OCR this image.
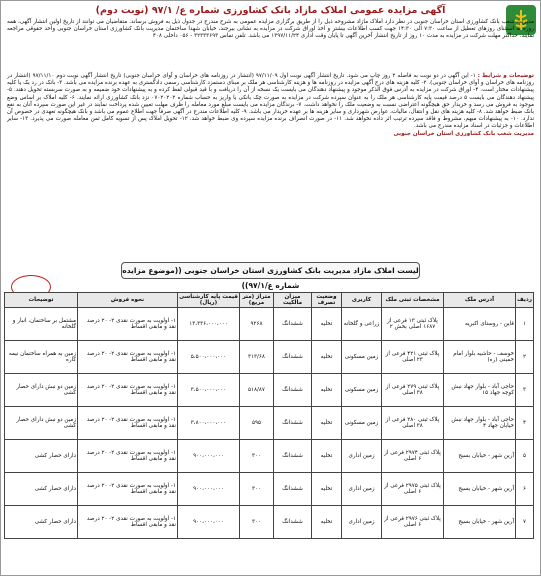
آگهی مزایده عمومی املاک مازاد بانک کشاورزی شماره ع/ ۹۷/۱ (نوبت دوم)
مدیریت شعب بانک کشاورزی استان خراسان جنوبی در نظر دارد املاک مازاد مشروحه ذیل را از طریق برگزاری مزایده عمومی به شرح مندرج در جدول ذیل به فروش برساند. متقاضیان می توانند از تاریخ اولین انتشار آگهی، همه روزه به استثنای روزهای تعطیل از ساعت ۷:۳۰ الی ۱۴:۳۰ جهت کسب اطلاعات بیشتر و اخذ اوراق شرکت در مزایده به نشانی بیرجند، خیابان شهدا ساختمان مدیریت بانک کشاورزی استان خراسان جنوبی واحد حقوقی مراجعه نمایند. حداکثر مهلت شرکت در مزایده به مدت ۱۰ روز از تاریخ انتشار آخرین آگهی تا پایان وقت اداری ۱۳۹۷/۱۱/۲۴ می باشد. تلفن تماس ۳۲۳۳۳۶۹۳ - ۰۵۶ داخلی ۴۰۸
توضیحات و شرایط : ۱- این آگهی در دو نوبت به فاصله ۲ روز چاپ می شود. تاریخ انتشار آگهی نوبت اول ۹۷/۱۱/۰۹ (انتشار در روزنامه های خراسان و آوای خراسان جنوبی) تاریخ انتشار آگهی نوبت دوم ۹۷/۱۱/۱۰ (انتشار در روزنامه های خراسان و آوای خراسان جنوبی). ۲- کلیه هزینه های درج آگهی مزایده در روزنامه ها و هزینه کارشناسی هر ملک بر مبنای دستمزد کارشناسی رسمی دادگستری به عهده برنده مزایده می باشد. ۳- بانک در رد یک یا کلیه پیشنهادات مختار است. ۴- اوراق شرکت در مزایده به آدرس فوق الذکر موجود و پیشنهاد دهندگان می بایست یک نسخه از آن را دریافت و با قید قبولی لفظ کرده و به پیشنهادات خود ضمیمه و به صورت سربسته تحویل دهند. ۵- پیشنهاد دهندگان می بایست ۵ درصد قیمت پایه کارشناسی هر ملک را به عنوان سپرده شرکت در مزایده به صورت چک بانکی یا واریز به حساب شماره ۰۷۰۲۰۲۰۲ نزد بانک کشاورزی ارائه نمایند. ۶- کلیه املاک بر اساس وضع موجود به فروش می رسد و خریدار حق هیچگونه اعتراضی نسبت به وضعیت ملک را نخواهد داشت. ۷- برندگان مزایده می بایست مبلغ مورد معامله را ظرف مهلت تعیین شده پرداخت نمایند در غیر این صورت سپرده آنان به نفع بانک ضبط خواهد شد. ۸- کلیه هزینه های نقل و انتقال، مالیات، عوارض شهرداری و سایر هزینه ها بر عهده خریدار می باشد. ۹- کلیه اطلاعات مندرج در آگهی صرفاً جهت اطلاع عموم می باشد و بانک هیچگونه تعهدی در خصوص آن ندارد. ۱۰- به پیشنهادات مبهم، مشروط و فاقد سپرده ترتیب اثر داده نخواهد شد. ۱۱- در صورت انصراف برنده مزایده سپرده وی ضبط خواهد شد. ۱۲- تحویل املاک پس از تسویه کامل ثمن معامله صورت می پذیرد. ۱۳- سایر اطلاعات و جزئیات در اسناد مزایده مندرج می باشد.
مدیریت شعب بانک کشاورزی استان خراسان جنوبی
لیست املاک مازاد مدیریت بانک کشاورزی استان خراسان جنوبی ((موضوع مزایده شماره ع/۹۷/۱))
ردیف	آدرس ملک	مشخصات ثبتی ملک	کاربری	وضعیت تصرف	میزان مالکیت	متراژ (متر مربع)	قیمت پایه کارشناسی (ریال)	نحوه فروش	توضیحات
۱	قاین - روستای اکبریه	پلاک ثبتی ۱۳ فرعی از ۱۶۸۷ اصلی بخش ۲	زراعی و گلخانه	تخلیه	ششدانگ	۹۲۶۸	۱۳،۳۳۶،۰۰۰،۰۰۰	۱- اولویت به صورت نقدی ۲- ۲۰ درصد نقد و مابقی اقساط	مشتمل بر ساختمان، انبار و گلخانه
۲	خوسف - حاشیه بلوار امام خمینی (ره)	پلاک ثبتی ۴۲۱ فرعی از ۲۳ اصلی	زمین مسکونی	تخلیه	ششدانگ	۳۱۳/۶۸	۵،۵۰۰،۰۰۰،۰۰۰	۱- اولویت به صورت نقدی ۲- ۲۰ درصد نقد و مابقی اقساط	زمین به همراه ساختمان نیمه کاره
۳	حاجی آباد - بلوار جهاد نبش کوچه جهاد ۱۵	پلاک ثبتی ۲۷۹ فرعی از ۳۸ اصلی	زمین مسکونی	تخلیه	ششدانگ	۵۱۸/۸۷	۳،۵۰۰،۰۰۰،۰۰۰	۱- اولویت به صورت نقدی ۲- ۲۰ درصد نقد و مابقی اقساط	زمین دو نبش دارای حصار کشی
۴	حاجی آباد - بلوار جهاد نبش خیابان جهاد ۴	پلاک ثبتی ۲۸۰ فرعی از ۳۸ اصلی	زمین مسکونی	تخلیه	ششدانگ	۵۹۵	۳،۸۰۰،۰۰۰،۰۰۰	۱- اولویت به صورت نقدی ۲- ۲۰ درصد نقد و مابقی اقساط	زمین دو نبش دارای حصار کشی
۵	آرین شهر - خیابان بسیج	پلاک ثبتی ۲۹۷۴ فرعی از ۶ اصلی	زمین اداری	تخلیه	ششدانگ	۳۰۰	۹۰۰،۰۰۰،۰۰۰	۱- اولویت به صورت نقدی ۲- ۲۰ درصد نقد و مابقی اقساط	دارای حصار کشی
۶	آرین شهر - خیابان بسیج	پلاک ثبتی ۲۹۷۵ فرعی از ۶ اصلی	زمین اداری	تخلیه	ششدانگ	۳۰۰	۹۰۰،۰۰۰،۰۰۰	۱- اولویت به صورت نقدی ۲- ۲۰ درصد نقد و مابقی اقساط	دارای حصار کشی
۷	آرین شهر - خیابان بسیج	پلاک ثبتی ۲۹۷۶ فرعی از ۶ اصلی	زمین اداری	تخلیه	ششدانگ	۳۰۰	۹۰۰،۰۰۰،۰۰۰	۱- اولویت به صورت نقدی ۲- ۲۰ درصد نقد و مابقی اقساط	دارای حصار کشی
